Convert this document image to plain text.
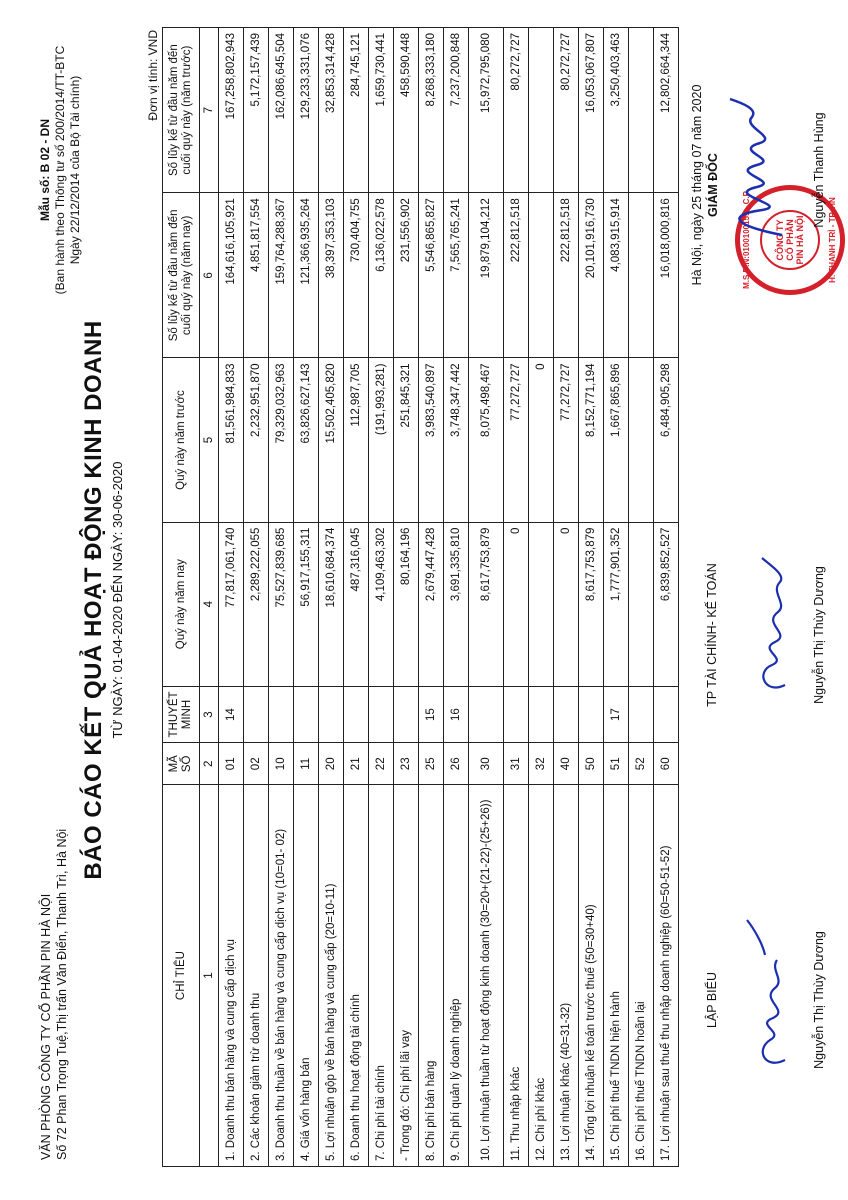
VĂN PHÒNG CÔNG TY CỔ PHẦN PIN HÀ NỘI Số 72 Phan Trọng Tuệ,Thị trấn Văn Điển, Thanh Trì, Hà Nội
Mẫu số: B 02 - DN (Ban hành theo Thông tư số 200/2014/TT-BTC Ngày 22/12/2014 của Bộ Tài chính)
BÁO CÁO KẾT QUẢ HOẠT ĐỘNG KINH DOANH TỪ NGÀY: 01-04-2020 ĐẾN NGÀY: 30-06-2020
Đơn vị tính: VND
CHỈ TIÊU	MÃ SỐ	THUYẾT MINH	Quý này năm nay	Quý này năm trước	Số lũy kế từ đầu năm đến cuối quý này (năm nay)	Số lũy kế từ đầu năm đến cuối quý này (năm trước)
1	2	3	4	5	6	7
1. Doanh thu bán hàng và cung cấp dịch vụ	01	14	77,817,061,740	81,561,984,833	164,616,105,921	167,258,802,943
2. Các khoản giảm trừ doanh thu	02		2,289,222,055	2,232,951,870	4,851,817,554	5,172,157,439
3. Doanh thu thuần về bán hàng và cung cấp dịch vụ (10=01- 02)	10		75,527,839,685	79,329,032,963	159,764,288,367	162,086,645,504
4. Giá vốn hàng bán	11		56,917,155,311	63,826,627,143	121,366,935,264	129,233,331,076
5. Lợi nhuận gộp về bán hàng và cung cấp (20=10-11)	20		18,610,684,374	15,502,405,820	38,397,353,103	32,853,314,428
6. Doanh thu hoạt động tài chính	21		487,316,045	112,987,705	730,404,755	284,745,121
7. Chi phí tài chính	22		4,109,463,302	(191,993,281)	6,136,022,578	1,659,730,441
- Trong đó: Chi phí lãi vay	23		80,164,196	251,845,321	231,556,902	458,590,448
8. Chi phí bán hàng	25	15	2,679,447,428	3,983,540,897	5,546,865,827	8,268,333,180
9. Chi phí quản lý doanh nghiệp	26	16	3,691,335,810	3,748,347,442	7,565,765,241	7,237,200,848
10. Lợi nhuận thuần từ hoạt động kinh doanh (30=20+(21-22)-(25+26))	30		8,617,753,879	8,075,498,467	19,879,104,212	15,972,795,080
11. Thu nhập khác	31		0	77,272,727	222,812,518	80,272,727
12. Chi phí khác	32			0		
13. Lợi nhuận khác (40=31-32)	40		0	77,272,727	222,812,518	80,272,727
14. Tổng lợi nhuận kế toán trước thuế (50=30+40)	50		8,617,753,879	8,152,771,194	20,101,916,730	16,053,067,807
15. Chi phí thuế TNDN hiện hành	51	17	1,777,901,352	1,667,865,896	4,083,915,914	3,250,403,463
16. Chi phí thuế TNDN hoãn lại	52					
17. Lợi nhuận sau thuế thu nhập doanh nghiệp (60=50-51-52)	60		6,839,852,527	6,484,905,298	16,018,000,816	12,802,664,344
LẬP BIỂU	Nguyễn Thị Thùy Dương
TP TÀI CHÍNH- KẾ TOÁN	Nguyễn Thị Thùy Dương
Hà Nội, ngày 25 tháng 07 năm 2020 GIÁM ĐỐC
M.S.D.N:0100100159 - C.P	CÔNG TY CỔ PHẦN PIN HÀ NỘI	H. THANH TRÌ - TP. HN
Nguyễn Thanh Hùng
